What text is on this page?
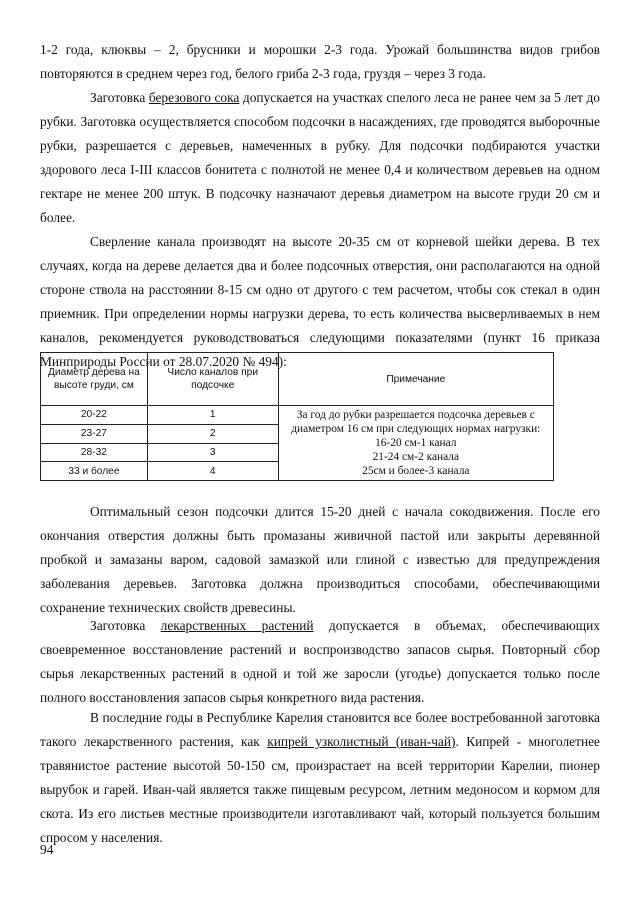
1-2 года, клюквы – 2, брусники и морошки 2-3 года. Урожай большинства видов грибов повторяются в среднем через год, белого гриба 2-3 года, груздя – через 3 года.

Заготовка березового сока допускается на участках спелого леса не ранее чем за 5 лет до рубки. Заготовка осуществляется способом подсочки в насаждениях, где проводятся выборочные рубки, разрешается с деревьев, намеченных в рубку. Для подсочки подбираются участки здорового леса I-III классов бонитета с полнотой не менее 0,4 и количеством деревьев на одном гектаре не менее 200 штук. В подсочку назначают деревья диаметром на высоте груди 20 см и более.

Сверление канала производят на высоте 20-35 см от корневой шейки дерева. В тех случаях, когда на дереве делается два и более подсочных отверстия, они располагаются на одной стороне ствола на расстоянии 8-15 см одно от другого с тем расчетом, чтобы сок стекал в один приемник. При определении нормы нагрузки дерева, то есть количества высверливаемых в нем каналов, рекомендуется руководствоваться следующими показателями (пункт 16 приказа Минприроды России от 28.07.2020 № 494):

Диаметр дерева на высоте груди, см	Число каналов при подсочке	Примечание
20-22	1	За год до рубки разрешается подсочка деревьев с диаметром 16 см при следующих нормах нагрузки:
16-20 см-1 канал
21-24 см-2 канала
25см и более-3 канала

23-27	2	
28-32	3	
33 и более	4	

Оптимальный сезон подсочки длится 15-20 дней с начала сокодвижения. После его окончания отверстия должны быть промазаны живичной пастой или закрыты деревянной пробкой и замазаны варом, садовой замазкой или глиной с известью для предупреждения заболевания деревьев. Заготовка должна производиться способами, обеспечивающими сохранение технических свойств древесины.

Заготовка лекарственных растений допускается в объемах, обеспечивающих своевременное восстановление растений и воспроизводство запасов сырья. Повторный сбор сырья лекарственных растений в одной и той же заросли (угодье) допускается только после полного восстановления запасов сырья конкретного вида растения.

В последние годы в Республике Карелия становится все более востребованной заготовка такого лекарственного растения, как кипрей узколистный (иван-чай). Кипрей - многолетнее травянистое растение высотой 50-150 см, произрастает на всей территории Карелии, пионер вырубок и гарей. Иван-чай является также пищевым ресурсом, летним медоносом и кормом для скота. Из его листьев местные производители изготавливают чай, который пользуется большим спросом у населения.

94
